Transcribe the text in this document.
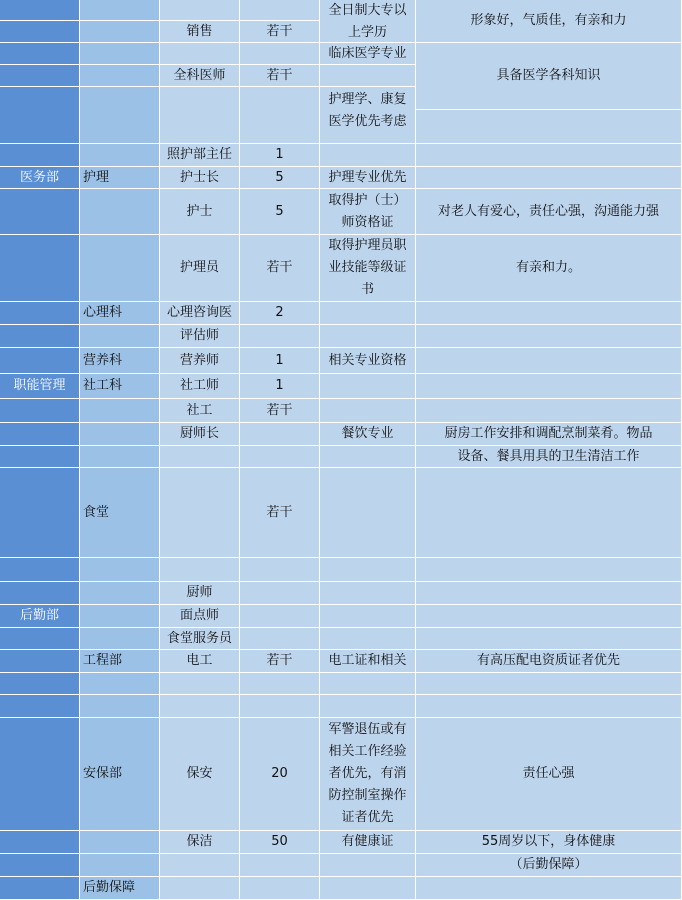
医务部
职能管理
后勤部
护理
心理科
营养科
社工科
食堂
工程部
安保部
后勤保障
销售
全科医师
照护部主任
护士长
护士
护理员
心理咨询医
评估师
营养师
社工师
社工
厨师长
厨师
面点师
食堂服务员
电工
保安
保洁
若干
若干
1
5
5
若干
2
1
1
若干
若干
若干
20
50
全日制大专以
上学历
临床医学专业
护理学、康复
医学优先考虑
护理专业优先
取得护（士）
师资格证
取得护理员职
业技能等级证
书
相关专业资格
餐饮专业
电工证和相关
军警退伍或有
相关工作经验
者优先，有消
防控制室操作
证者优先
有健康证
形象好，气质佳，有亲和力
具备医学各科知识
对老人有爱心，责任心强，沟通能力强
有亲和力。
厨房工作安排和调配烹制菜肴。物品
设备、餐具用具的卫生清洁工作
有高压配电资质证者优先
责任心强
55周岁以下，身体健康
（后勤保障）
